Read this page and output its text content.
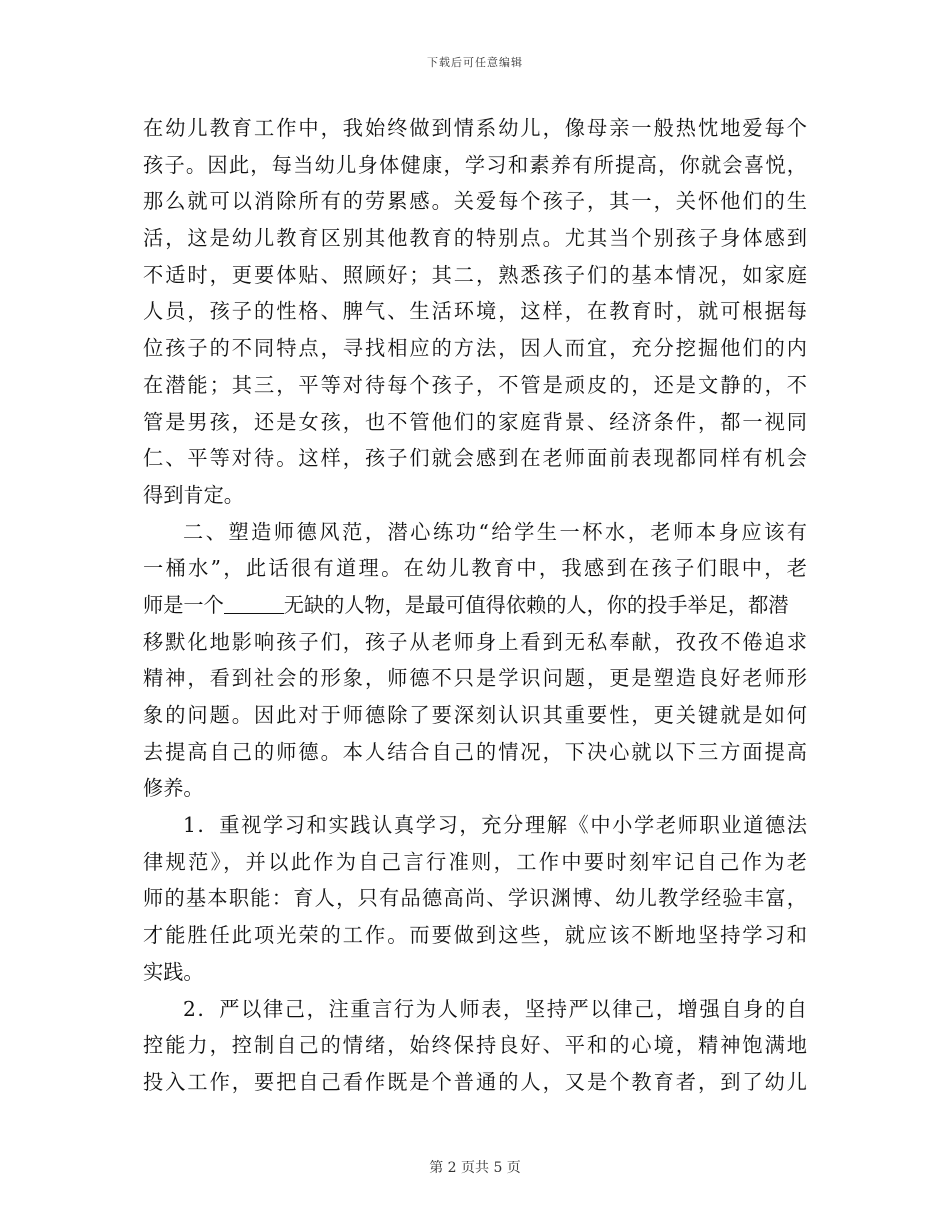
下载后可任意编辑
在幼儿教育工作中，我始终做到情系幼儿，像母亲一般热忱地爱每个
孩子。因此，每当幼儿身体健康，学习和素养有所提高，你就会喜悦，
那么就可以消除所有的劳累感。关爱每个孩子，其一，关怀他们的生
活，这是幼儿教育区别其他教育的特别点。尤其当个别孩子身体感到
不适时，更要体贴、照顾好；其二，熟悉孩子们的基本情况，如家庭
人员，孩子的性格、脾气、生活环境，这样，在教育时，就可根据每
位孩子的不同特点，寻找相应的方法，因人而宜，充分挖掘他们的内
在潜能；其三，平等对待每个孩子，不管是顽皮的，还是文静的，不
管是男孩，还是女孩，也不管他们的家庭背景、经济条件，都一视同
仁、平等对待。这样，孩子们就会感到在老师面前表现都同样有机会
得到肯定。
二、塑造师德风范，潜心练功“给学生一杯水，老师本身应该有
一桶水”，此话很有道理。在幼儿教育中，我感到在孩子们眼中，老
师是一个	无缺的人物，是最可值得依赖的人，你的投手举足，都潜
移默化地影响孩子们，孩子从老师身上看到无私奉献，孜孜不倦追求
精神，看到社会的形象，师德不只是学识问题，更是塑造良好老师形
象的问题。因此对于师德除了要深刻认识其重要性，更关键就是如何
去提高自己的师德。本人结合自己的情况，下决心就以下三方面提高
修养。
1．重视学习和实践认真学习，充分理解《中小学老师职业道德法
律规范》，并以此作为自己言行准则，工作中要时刻牢记自己作为老
师的基本职能：育人，只有品德高尚、学识渊博、幼儿教学经验丰富，
才能胜任此项光荣的工作。而要做到这些，就应该不断地坚持学习和
实践。
2．严以律己，注重言行为人师表，坚持严以律己，增强自身的自
控能力，控制自己的情绪，始终保持良好、平和的心境，精神饱满地
投入工作，要把自己看作既是个普通的人，又是个教育者，到了幼儿
第 2 页共 5 页
